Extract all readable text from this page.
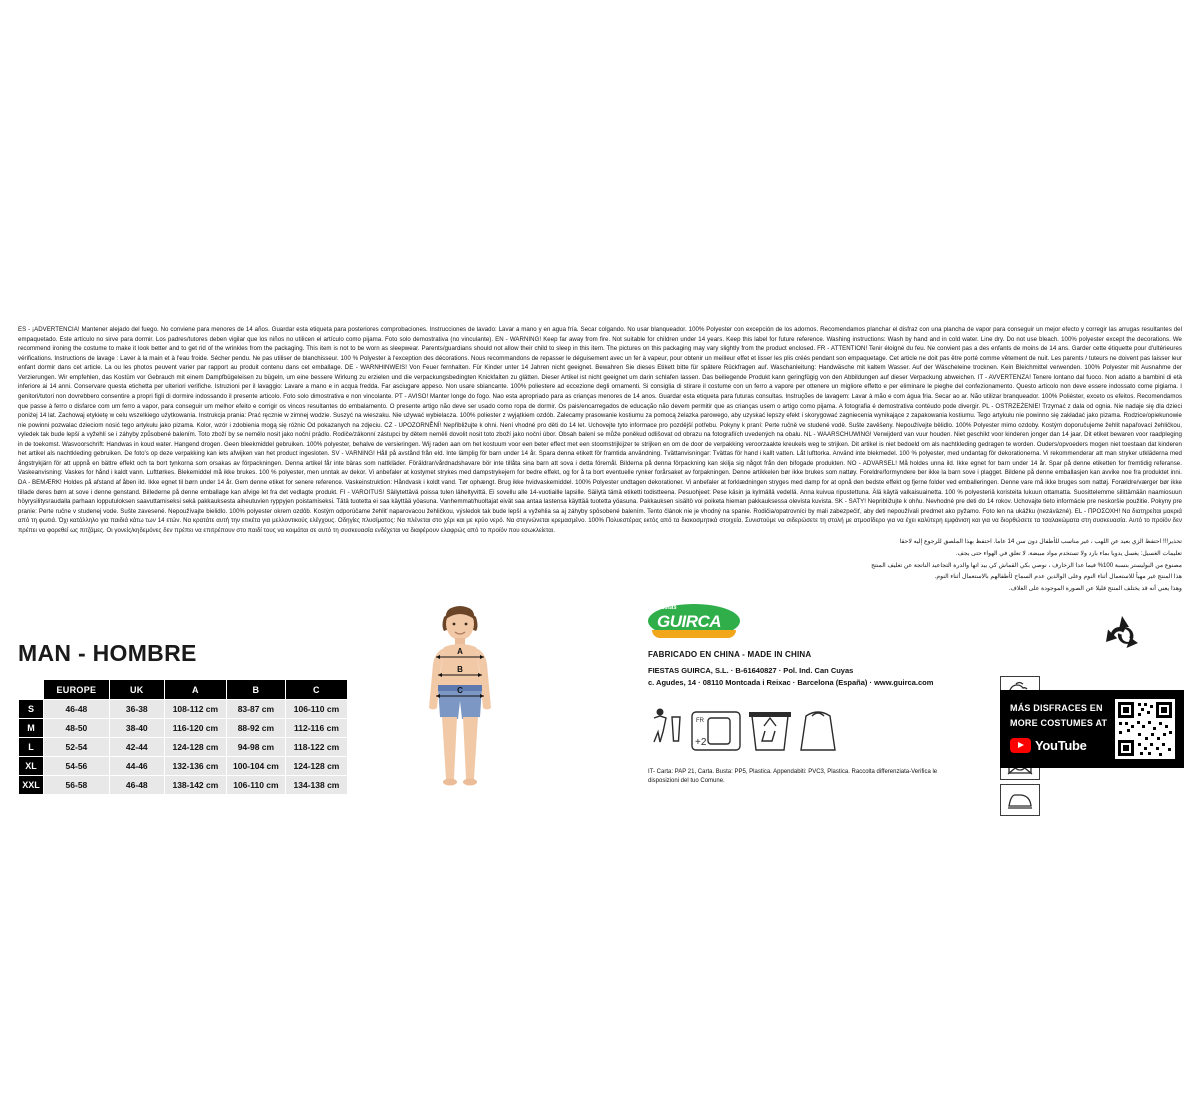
ES - ¡ADVERTENCIA! Mantener alejado del fuego. No conviene para menores de 14 años. Guardar esta etiqueta para posteriores comprobaciones. Instrucciones de lavado: Lavar a mano y en agua fría. Secar colgando. No usar blanqueador. 100% Polyester con excepción de los adornos. Recomendamos planchar el disfraz con una plancha de vapor para conseguir un mejor efecto y corregir las arrugas resultantes del empaquetado. Este artículo no sirve para dormir. Los padres/tutores deben vigilar que los niños no utilicen el artículo como pijama. Foto solo demostrativa (no vinculante). EN - WARNING! Keep far away from fire. Not suitable for children under 14 years. Keep this label for future reference. Washing instructions: Wash by hand and in cold water. Line dry. Do not use bleach. 100% polyester except the decorations. We recommend ironing the costume to make it look better and to get rid of the wrinkles from the packaging. This item is not to be worn as sleepwear. Parents/guardians should not allow their child to sleep in this item. The pictures on this packaging may vary slightly from the product enclosed. FR - ATTENTION! Tenir éloigné du feu. Ne convient pas a des enfants de moins de 14 ans. Garder cette étiquette pour d'ultérieures vérifications. Instructions de lavage : Laver à la main et à l'eau froide. Sécher pendu. Ne pas utiliser de blanchisseur. 100 % Polyester à l'exception des décorations. Nous recommandons de repasser le déguisement avec un fer à vapeur, pour obtenir un meilleur effet et lisser les plis créés pendant son empaquetage. Cet article ne doit pas être porté comme vêtement de nuit. Les parents / tuteurs ne doivent pas laisser leur enfant dormir dans cet article. La ou les photos peuvent varier par rapport au produit contenu dans cet emballage. DE - WARNHINWEIS! Von Feuer fernhalten. Für Kinder unter 14 Jahren nicht geeignet. Bewahren Sie dieses Etikett bitte für spätere Rückfragen auf. Waschanleitung: Handwäsche mit kaltem Wasser. Auf der Wäscheleine trocknen. Kein Bleichmittel verwenden. 100% Polyester mit Ausnahme der Verzierungen. Wir empfehlen, das Kostüm vor Gebrauch mit einem Dampfbügeleisen zu bügeln, um eine bessere Wirkung zu erzielen und die verpackungsbedingten Knickfalten zu glätten. Dieser Artikel ist nicht geeignet um darin schlafen lassen. Das beiliegende Produkt kann geringfügig von den Abbildungen auf dieser Verpackung abweichen. IT - AVVERTENZA! Tenere lontano dal fuoco. Non adatto a bambini di età inferiore ai 14 anni. Conservare questa etichetta per ulteriori verifiche. Istruzioni per il lavaggio: Lavare a mano e in acqua fredda. Far asciugare appeso. Non usare sbiancante. 100% poliestere ad eccezione degli ornamenti. Si consiglia di stirare il costume con un ferro a vapore per ottenere un migliore effetto e per eliminare le pieghe del confezionamento. Questo articolo non deve essere indossato come pigiama. I genitori/tutori non dovrebbero consentire a propri figli di dormire indossando il presente articolo. Foto solo dimostrativa e non vincolante. PT - AVISO! Manter longe do fogo. Nao esta apropriado para as crianças menores de 14 anos. Guardar esta etiqueta para futuras consultas. Instruções de lavagem: Lavar à mão e com água fria. Secar ao ar. Não utilizar branqueador. 100% Poliéster, exceto os efeitos. Recomendamos que passe à ferro o disfarce com um ferro a vapor, para conseguir um melhor efeito e corrigir os vincos resultantes do embalamento. O presente artigo não deve ser usado como ropa de dormir. Os pais/encarregados de educação não devem permitir que as crianças usem o artigo como pijama. A fotografia é demostrativa contéudo pode divergir. PL - OSTRZEŻENIE! Trzymać z dala od ognia. Nie nadaje się dla dzieci poniżej 14 lat. Zachowaj etykietę w celu wszelkiego użytkowania. Instrukcja prania: Prać ręcznie w zimnej wodzie. Suszyć na wieszaku. Nie używać wybielacza. 100% poliester z wyjątkiem ozdób. Zalecamy prasowanie kostiumu za pomocą żelazka parowego, aby uzyskać lepszy efekt i skorygować zagniecenia wynikające z zapakowania kostiumu. Tego artykułu nie powinno się zakładać jako pizama. Rodzice/opiekunowie nie powinni pozwalac dzieciom nosić tego artykułu jako pizama. Kolor, wzór i zdobienia mogą się różnic Od pokazanych na zdjeciu. CZ - UPOZORNĚNÍ! Nepřibližujte k ohni. Není vhodné pro děti do 14 let. Uchovejte tyto informace pro pozdější potřebu. Pokyny k praní: Perte ručně ve studené vodě. Sušte zavěšeny. Nepoužívejte bělidlo. 100% Polyester mimo ozdoby. Kostým doporučujeme žehlit napařovací žehličkou, vyledek tak bude lepší a vyžehlí se i záhyby způsobené balením. Toto zboží by se nemělo nosit jako noční prádlo. Rodiče/zákonní zástupci by dětem neměli dovolit nosit toto zboží jako noční úbor. Obsah balení se může poněkud odlišovat od obrazu na fotografiích uvedených na obalu. NL - WAARSCHUWING! Verwijderd van vuur houden. Niet geschikt voor kinderen jonger dan 14 jaar. Dit etiket bewaren voor raadpleging in de toekomst. Wasvoorschrift: Handwas in koud water. Hangend drogen. Geen bleekmiddel gebruiken. 100% polyester, behalve de versieringen. Wij raden aan om het kostuum voor een beter effect met een stoomstrijkijzer te strijken en om de door de verpakking veroorzaakte kreukels weg te strijken. Dit artikel is niet bedoeld om als nachtkleding gedragen te worden. Ouders/opvoeders mogen niet toestaan dat kinderen het artikel als nachtkleding gebruiken. De foto's op deze verpakking kan iets afwijken van het product ingesloten. SV - VARNING! Håll på avstånd från eld. Inte lämplig för barn under 14 år. Spara denna etikett för framtida användning. Tvättanvisningar: Tvättas för hand i kallt vatten. Låt lufttorka. Använd inte blekmedel. 100 % polyester, med undantag för dekorationerna. Vi rekommenderar att man stryker utkläderna med ångstrykjärn för att uppnå en bättre effekt och ta bort tynkorna som orsakas av förpackningen. Denna artikel får inte bäras som nattkläder. Föräldrar/vårdnadshavare bör inte tillåta sina barn att sova i detta föremål. Bilderna på denna förpackning kan skilja sig något från den bifogade produkten. NO - ADVARSEL! Må holdes unna ild. Ikke egnet for barn under 14 år. Spar på denne etiketten for fremtidig referanse. Vaskeanvisning: Vaskes for hånd i kaldt vann. Lufttørkes. Blekemiddel må ikke brukes. 100 % polyester, men unntak av dekor. Vi anbefaler at kostymet strykes med dampstrykejern for bedre effekt, og for å ta bort eventuelle rynker forårsaket av forpakningen. Denne artikkelen bør ikke brukes som nattøy. Foreldre/formyndere ber ikke la barn sove i plagget. Bildene på denne emballasjen kan avvike noe fra produktet inni. DA - BEMÆRK! Holdes på afstand af åben ild. Ikke egnet til børn under 14 år. Gem denne etiket for senere reference. Vaskeinstruktion: Håndvask i koldt vand. Tør ophængt. Brug ikke hvidvaskemiddel. 100% Polyester undtagen dekorationer. Vi anbefaler at forklædningen stryges med damp for at opnå den bedste effekt og fjerne folder ved emballeringen. Denne vare må ikke bruges som nattøj. Forældre/værger bør ikke tillade deres børn at sove i denne genstand. Billederne på denne emballage kan afvige let fra det vedlagte produkt. FI - VAROITUS! Säilytettävä poissa tulen läheltyvittä. Ei sovellu alle 14-vuotiaille lapsille. Säilytä tämä etiketti todistteena. Pesuohjeet: Pese käsin ja kylmällä vedellä. Anna kuivua ripustettuna. Älä käytä valkaisuainetta. 100 % polyesteriä koristeita lukuun ottamatta. Suosittelemme silittämään naamiosuun höyrysilitysraudalla parhaan lopputuloksen saavuttamiseksi sekä pakkauksesta aiheutuvien ryppyjen poistamiseksi. Tätä tuotetta ei saa käyttää yöasuna. Vanhemmat/huoltajat eivät saa antaa lastensa käyttää tuotetta yöasuna. Pakkauksen sisältö voi poiketa hieman pakkauksessa olevista kuvista. SK - SATY! Nepribližujte k ohňu. Nevhodné pre deti do 14 rokov. Uchovajte tieto informácie pre neskoršie použitie. Pokyny pre pranie: Perte ručne v studenej vode. Sušte zavesené. Nepoužívajte bielidlo. 100% polyester okrem ozdôb. Kostým odporúčame žehliť naparovacou žehličkou, výsledok tak bude lepší a vyžehlia sa aj záhyby spôsobené balením. Tento článok nie je vhodný na spanie. Rodičia/opatrovníci by mali zabezpečiť, aby deti nepoužívali predmet ako pyžamo. Foto len na ukážku (nezáväzné). EL - ΠΡΟΣΟΧΗ! Να διατηρείται μακριά από τη φωτιά. Όχι κατάλληλο για παιδιά κάτω των 14 ετών. Να κρατάτε αυτή την ετικέτα για μελλοντικούς ελέγχους. Οδηγίες πλυσίματος: Να πλένεται στο χέρι και με κρύο νερό. Να στεγνώνεται κρεμασμένο. 100% Πολυεστέρας εκτός από τα διακοσμητικά στοιχεία. Συνιστούμε να σιδερώσετε τη στολή με ατμοσίδερο για να έχει καλύτερη εμφάνιση και για να διορθώσετε τα τσαλακώματα στη συσκευασία. Αυτό το προϊόν δεν πρέπει να φορεθεί ως πιτζάμες. Οι γονείς/κηδεμόνες δεν πρέπει να επιτρέπουν στο παιδί τους να κοιμάται σε αυτό τη συσκευασία ενδέχεται να διαφέρουν ελαφρώς από το προϊόν που εσωκλείεται.
تحذير!!! احتفظ الزي بعيد عن اللهب ، غير مناسب للأطفال دون سن 14 عاما. احتفظ بهذا الملصق للرجوع إليه لاحقا
تعليمات الغسيل: يغسل يدويا بماء بارد ولا تستخدم مواد مبيضة. لا تعلق في الهواء حتى يجف.
مصنوع من البوليستر بنسبة 100% فيما عدا الزخارف ، نوصي بكي القماش كي بيد اتها والدرة التجاعيد الناتجة عن تغليف المنتج
هذا المنتج غير مهيأ للاستعمال أثناء النوم وعلى الوالدين عدم السماح لأطفالهم بالاستعمال أثناء النوم.
وهذا يعني أنه قد يختلف المنتج قليلا عن الصورة الموجودة على الغلاف.
MAN - HOMBRE
	EUROPE	UK	A	B	C
S	46-48	36-38	108-112 cm	83-87 cm	106-110 cm
M	48-50	38-40	116-120 cm	88-92 cm	112-116 cm
L	52-54	42-44	124-128 cm	94-98 cm	118-122 cm
XL	54-56	44-46	132-136 cm	100-104 cm	124-128 cm
XXL	56-58	46-48	138-142 cm	106-110 cm	134-138 cm
A
B
C
Fiestas
GUIRCA
FABRICADO EN CHINA - MADE IN CHINA
FIESTAS GUIRCA, S.L. · B-61640827 · Pol. Ind. Can Cuyas
c. Agudes, 14 · 08110 Montcada i Reixac · Barcelona (España) · www.guirca.com
FR
+2
IT- Carta: PAP 21, Carta. Busta: PP5, Plastica. Appendabiti: PVC3, Plastica. Raccolta differenziata-Verifica le disposizioni del tuo Comune.
MÁS DISFRACES EN
MORE COSTUMES AT
YouTube
